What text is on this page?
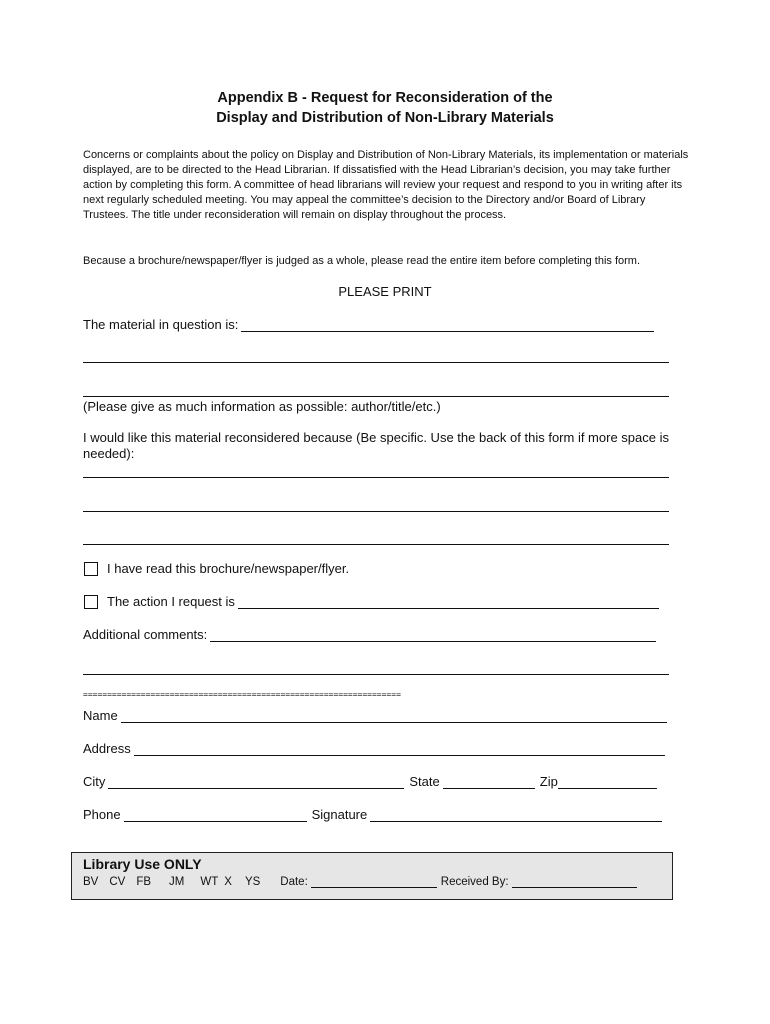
Appendix B - Request for Reconsideration of the
Display and Distribution of Non-Library Materials
Concerns or complaints about the policy on Display and Distribution of Non-Library Materials, its implementation or materials displayed, are to be directed to the Head Librarian. If dissatisfied with the Head Librarian’s decision, you may take further action by completing this form. A committee of head librarians will review your request and respond to you in writing after its next regularly scheduled meeting. You may appeal the committee’s decision to the Directory and/or Board of Library Trustees. The title under reconsideration will remain on display throughout the process.
Because a brochure/newspaper/flyer is judged as a whole, please read the entire item before completing this form.
PLEASE PRINT
The material in question is:
(Please give as much information as possible: author/title/etc.)
I would like this material reconsidered because (Be specific. Use the back of this form if more space is needed):
I have read this brochure/newspaper/flyer.
The action I request is
Additional comments:
==================================================================
Name
Address
City	State	Zip
Phone	Signature
Library Use ONLY
BV CV FB JM WT X YS Date:	Received By:
